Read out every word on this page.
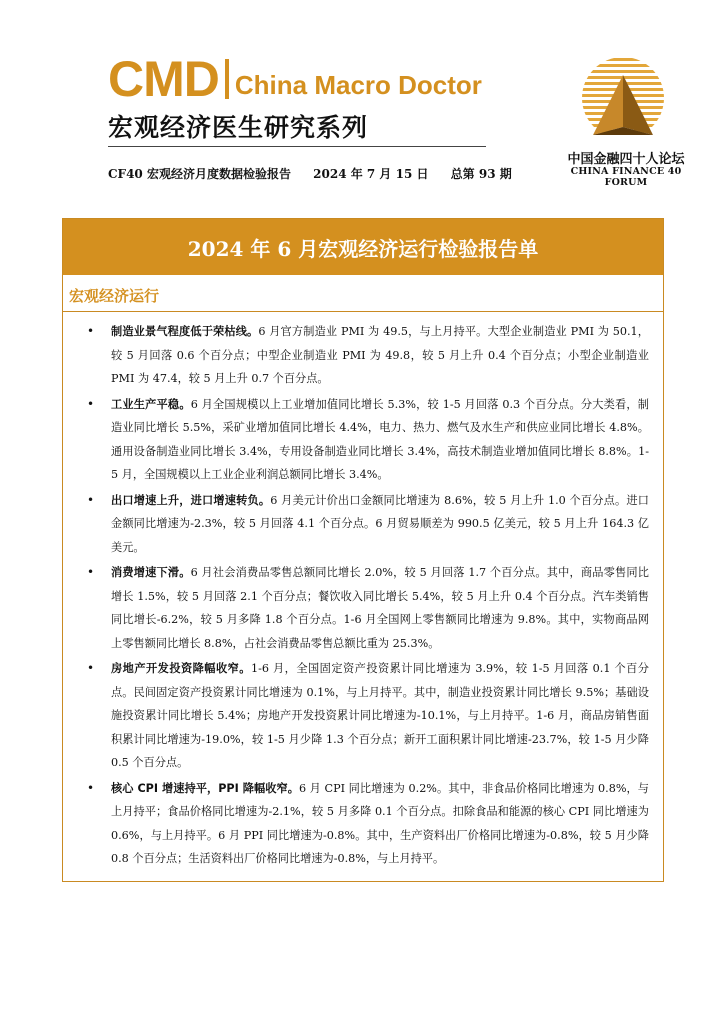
CMD China Macro Doctor
宏观经济医生研究系列
CF40 宏观经济月度数据检验报告 2024 年 7 月 15 日 总第 93 期
中国金融四十人论坛
CHINA FINANCE 40 FORUM
2024 年 6 月宏观经济运行检验报告单
宏观经济运行
•	制造业景气程度低于荣枯线。6 月官方制造业 PMI 为 49.5，与上月持平。大型企业制造业 PMI 为 50.1，较 5 月回落 0.6 个百分点；中型企业制造业 PMI 为 49.8，较 5 月上升 0.4 个百分点；小型企业制造业 PMI 为 47.4，较 5 月上升 0.7 个百分点。

•	工业生产平稳。6 月全国规模以上工业增加值同比增长 5.3%，较 1-5 月回落 0.3 个百分点。分大类看，制造业同比增长 5.5%，采矿业增加值同比增长 4.4%，电力、热力、燃气及水生产和供应业同比增长 4.8%。通用设备制造业同比增长 3.4%，专用设备制造业同比增长 3.4%，高技术制造业增加值同比增长 8.8%。1-5 月，全国规模以上工业企业利润总额同比增长 3.4%。

•	出口增速上升，进口增速转负。6 月美元计价出口金额同比增速为 8.6%，较 5 月上升 1.0 个百分点。进口金额同比增速为-2.3%，较 5 月回落 4.1 个百分点。6 月贸易顺差为 990.5 亿美元，较 5 月上升 164.3 亿美元。

•	消费增速下滑。6 月社会消费品零售总额同比增长 2.0%，较 5 月回落 1.7 个百分点。其中，商品零售同比增长 1.5%，较 5 月回落 2.1 个百分点；餐饮收入同比增长 5.4%，较 5 月上升 0.4 个百分点。汽车类销售同比增长-6.2%，较 5 月多降 1.8 个百分点。1-6 月全国网上零售额同比增速为 9.8%。其中，实物商品网上零售额同比增长 8.8%，占社会消费品零售总额比重为 25.3%。

•	房地产开发投资降幅收窄。1-6 月，全国固定资产投资累计同比增速为 3.9%，较 1-5 月回落 0.1 个百分点。民间固定资产投资累计同比增速为 0.1%，与上月持平。其中，制造业投资累计同比增长 9.5%；基础设施投资累计同比增长 5.4%；房地产开发投资累计同比增速为-10.1%，与上月持平。1-6 月，商品房销售面积累计同比增速为-19.0%，较 1-5 月少降 1.3 个百分点；新开工面积累计同比增速-23.7%，较 1-5 月少降 0.5 个百分点。

•	核心 CPI 增速持平，PPI 降幅收窄。6 月 CPI 同比增速为 0.2%。其中，非食品价格同比增速为 0.8%，与上月持平；食品价格同比增速为-2.1%，较 5 月多降 0.1 个百分点。扣除食品和能源的核心 CPI 同比增速为 0.6%，与上月持平。6 月 PPI 同比增速为-0.8%。其中，生产资料出厂价格同比增速为-0.8%，较 5 月少降 0.8 个百分点；生活资料出厂价格同比增速为-0.8%，与上月持平。
